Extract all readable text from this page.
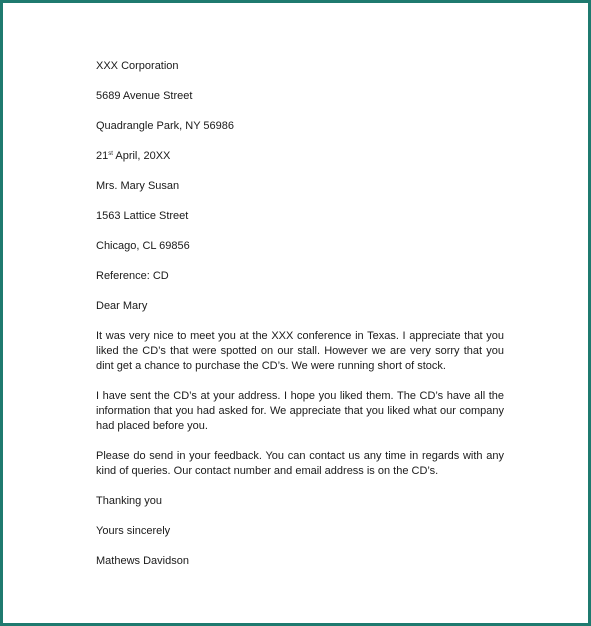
XXX Corporation
5689 Avenue Street
Quadrangle Park, NY 56986
21st April, 20XX
Mrs. Mary Susan
1563 Lattice Street
Chicago, CL 69856
Reference: CD
Dear Mary

It was very nice to meet you at the XXX conference in Texas. I appreciate that you liked the CD’s that were spotted on our stall. However we are very sorry that you dint get a chance to purchase the CD’s. We were running short of stock.

I have sent the CD’s at your address. I hope you liked them. The CD’s have all the information that you had asked for. We appreciate that you liked what our company had placed before you.

Please do send in your feedback. You can contact us any time in regards with any kind of queries. Our contact number and email address is on the CD’s.

Thanking you
Yours sincerely
Mathews Davidson
